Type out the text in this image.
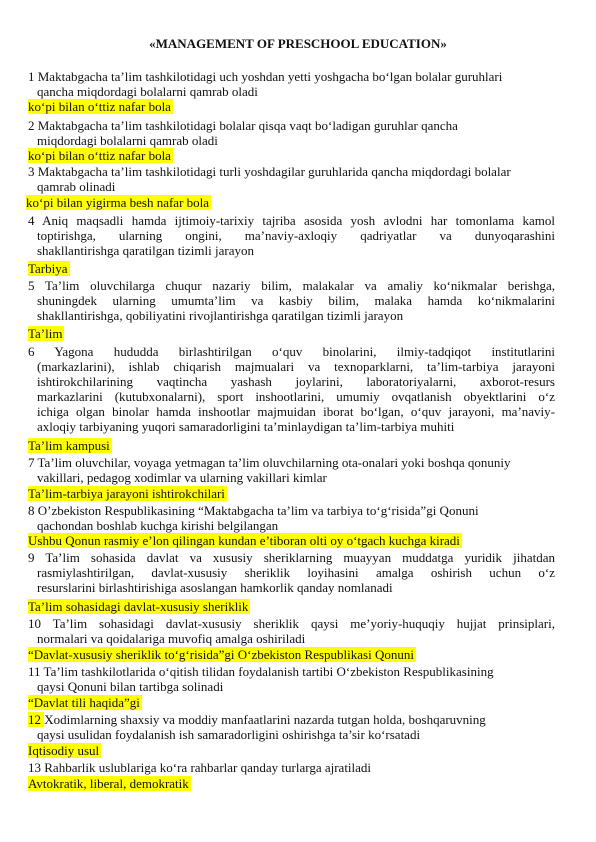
«MANAGEMENT OF PRESCHOOL EDUCATION»
1 Maktabgacha ta’lim tashkilotidagi uch yoshdan yetti yoshgacha bo‘lgan bolalar guruhlari
qancha miqdordagi bolalarni qamrab oladi
ko‘pi bilan o‘ttiz nafar bola
2 Maktabgacha ta’lim tashkilotidagi bolalar qisqa vaqt bo‘ladigan guruhlar qancha
miqdordagi bolalarni qamrab oladi
ko‘pi bilan o‘ttiz nafar bola
3 Maktabgacha ta’lim tashkilotidagi turli yoshdagilar guruhlarida qancha miqdordagi bolalar
qamrab olinadi
ko‘pi bilan yigirma besh nafar bola
4 Aniq maqsadli hamda ijtimoiy-tarixiy tajriba asosida yosh avlodni har tomonlama kamol
toptirishga, ularning ongini, ma’naviy-axloqiy qadriyatlar va dunyoqarashini
shakllantirishga qaratilgan tizimli jarayon
Tarbiya
5 Ta’lim oluvchilarga chuqur nazariy bilim, malakalar va amaliy ko‘nikmalar berishga,
shuningdek ularning umumta’lim va kasbiy bilim, malaka hamda ko‘nikmalarini
shakllantirishga, qobiliyatini rivojlantirishga qaratilgan tizimli jarayon
Ta’lim
6 Yagona hududda birlashtirilgan o‘quv binolarini, ilmiy-tadqiqot institutlarini
(markazlarini), ishlab chiqarish majmualari va texnoparklarni, ta’lim-tarbiya jarayoni
ishtirokchilarining vaqtincha yashash joylarini, laboratoriyalarni, axborot-resurs
markazlarini (kutubxonalarni), sport inshootlarini, umumiy ovqatlanish obyektlarini o‘z
ichiga olgan binolar hamda inshootlar majmuidan iborat bo‘lgan, o‘quv jarayoni, ma’naviy-
axloqiy tarbiyaning yuqori samaradorligini ta’minlaydigan ta’lim-tarbiya muhiti
Ta’lim kampusi
7 Ta’lim oluvchilar, voyaga yetmagan ta’lim oluvchilarning ota-onalari yoki boshqa qonuniy
vakillari, pedagog xodimlar va ularning vakillari kimlar
Ta’lim-tarbiya jarayoni ishtirokchilari
8 O’zbekiston Respublikasining “Maktabgacha ta’lim va tarbiya to‘g‘risida”gi Qonuni
qachondan boshlab kuchga kirishi belgilangan
Ushbu Qonun rasmiy e’lon qilingan kundan e’tiboran olti oy o‘tgach kuchga kiradi
9 Ta’lim sohasida davlat va xususiy sheriklarning muayyan muddatga yuridik jihatdan
rasmiylashtirilgan, davlat-xususiy sheriklik loyihasini amalga oshirish uchun o‘z
resurslarini birlashtirishiga asoslangan hamkorlik qanday nomlanadi
Ta’lim sohasidagi davlat-xususiy sheriklik
10 Ta’lim sohasidagi davlat-xususiy sheriklik qaysi me’yoriy-huquqiy hujjat prinsiplari,
normalari va qoidalariga muvofiq amalga oshiriladi
“Davlat-xususiy sheriklik to‘g‘risida”gi O‘zbekiston Respublikasi Qonuni
11 Ta’lim tashkilotlarida o‘qitish tilidan foydalanish tartibi O‘zbekiston Respublikasining
qaysi Qonuni bilan tartibga solinadi
“Davlat tili haqida”gi
12 Xodimlarning shaxsiy va moddiy manfaatlarini nazarda tutgan holda, boshqaruvning
qaysi usulidan foydalanish ish samaradorligini oshirishga ta’sir ko‘rsatadi
Iqtisodiy usul
13 Rahbarlik uslublariga ko‘ra rahbarlar qanday turlarga ajratiladi
Avtokratik, liberal, demokratik
